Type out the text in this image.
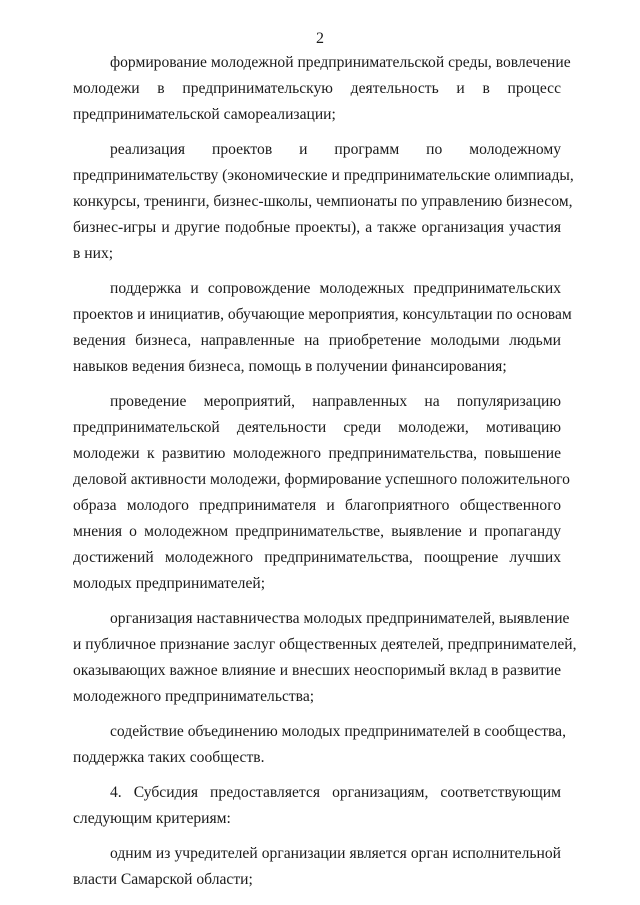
2
формирование молодежной предпринимательской среды, вовлечение
молодежи в предпринимательскую деятельность и в процесс
предпринимательской самореализации;
реализация проектов и программ по молодежному
предпринимательству (экономические и предпринимательские олимпиады,
конкурсы, тренинги, бизнес-школы, чемпионаты по управлению бизнесом,
бизнес-игры и другие подобные проекты), а также организация участия
в них;
поддержка и сопровождение молодежных предпринимательских
проектов и инициатив, обучающие мероприятия, консультации по основам
ведения бизнеса, направленные на приобретение молодыми людьми
навыков ведения бизнеса, помощь в получении финансирования;
проведение мероприятий, направленных на популяризацию
предпринимательской деятельности среди молодежи, мотивацию
молодежи к развитию молодежного предпринимательства, повышение
деловой активности молодежи, формирование успешного положительного
образа молодого предпринимателя и благоприятного общественного
мнения о молодежном предпринимательстве, выявление и пропаганду
достижений молодежного предпринимательства, поощрение лучших
молодых предпринимателей;
организация наставничества молодых предпринимателей, выявление
и публичное признание заслуг общественных деятелей, предпринимателей,
оказывающих важное влияние и внесших неоспоримый вклад в развитие
молодежного предпринимательства;
содействие объединению молодых предпринимателей в сообщества,
поддержка таких сообществ.
4. Субсидия предоставляется организациям, соответствующим
следующим критериям:
одним из учредителей организации является орган исполнительной
власти Самарской области;
